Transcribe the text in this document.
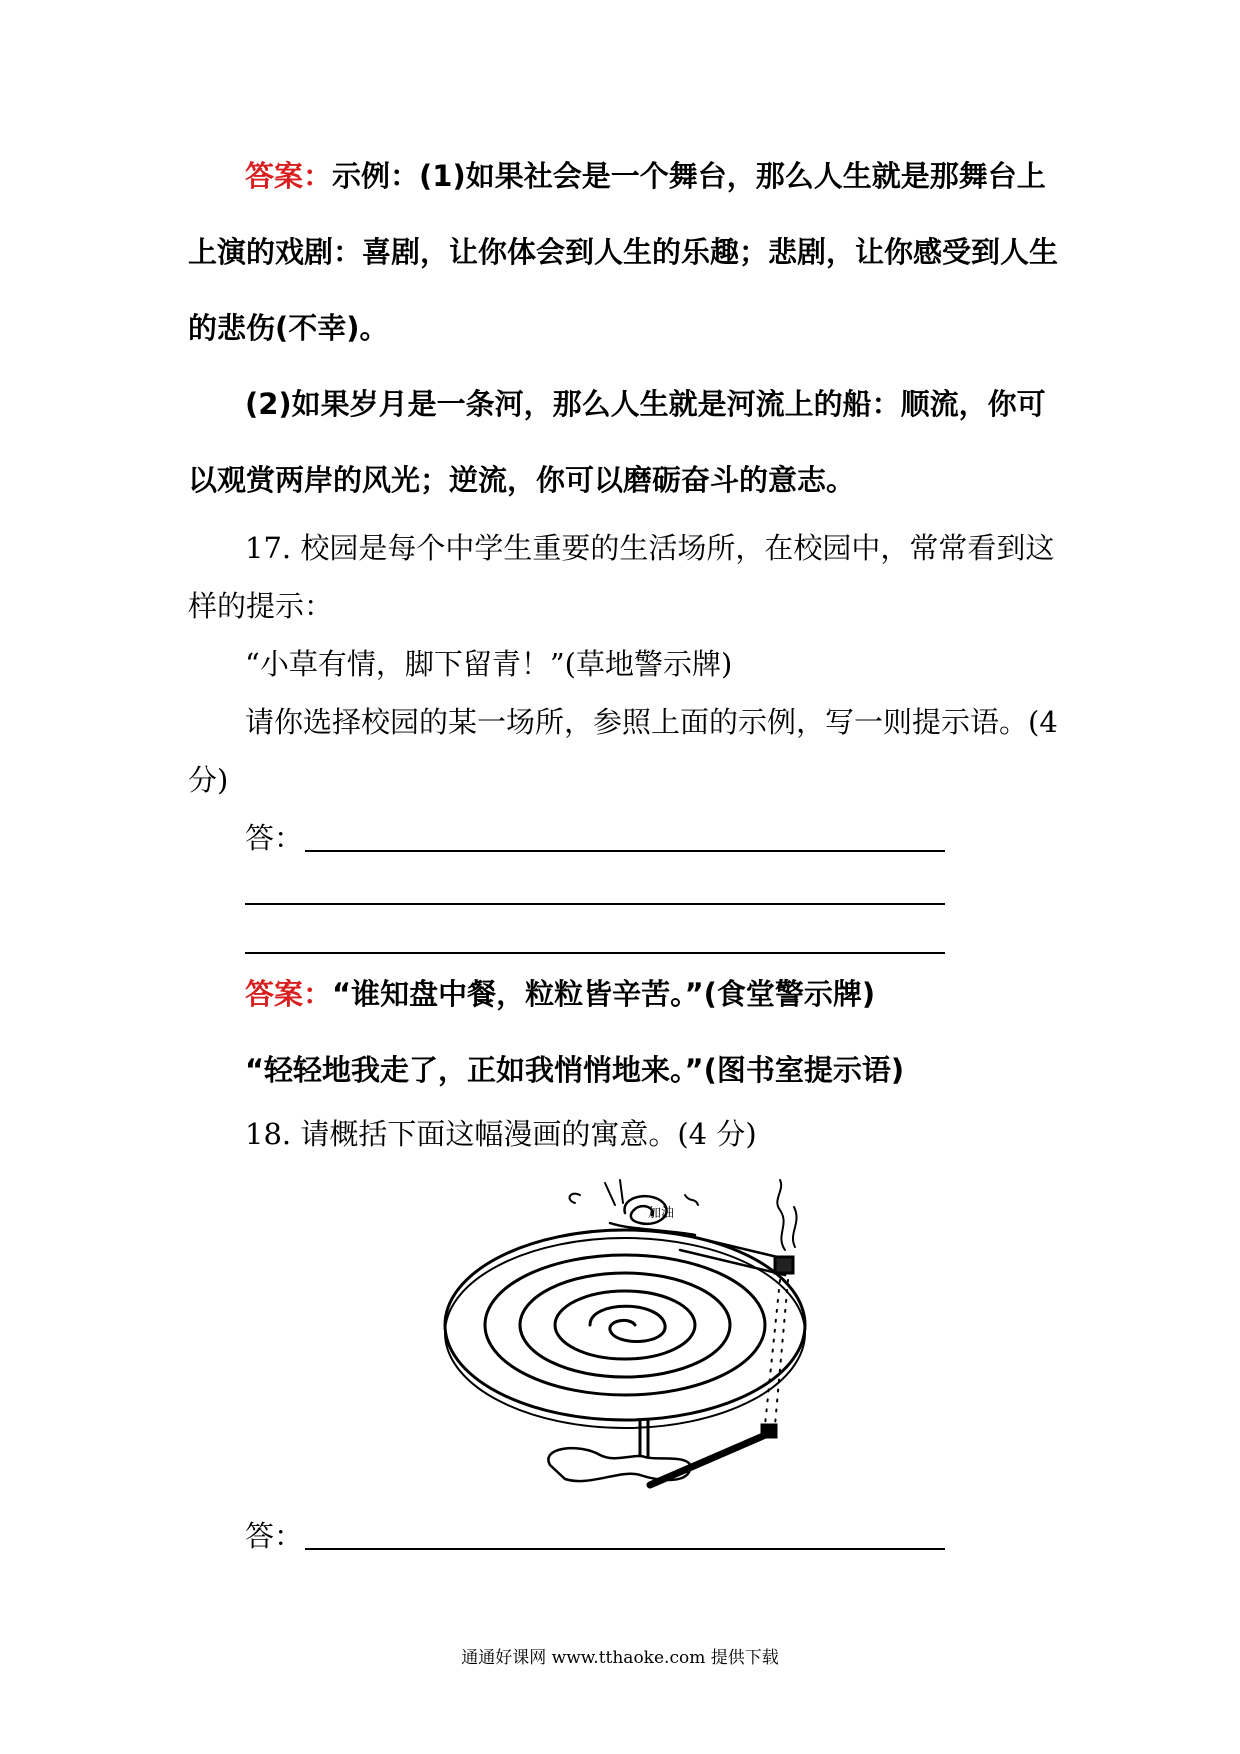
答案：示例：(1)如果社会是一个舞台，那么人生就是那舞台上
上演的戏剧：喜剧，让你体会到人生的乐趣；悲剧，让你感受到人生
的悲伤(不幸)。
(2)如果岁月是一条河，那么人生就是河流上的船：顺流，你可
以观赏两岸的风光；逆流，你可以磨砺奋斗的意志。
17. 校园是每个中学生重要的生活场所，在校园中，常常看到这
样的提示：
“小草有情，脚下留青！”(草地警示牌)
请你选择校园的某一场所，参照上面的示例，写一则提示语。(4
分)
答：
答案：“谁知盘中餐，粒粒皆辛苦。”(食堂警示牌)
“轻轻地我走了，正如我悄悄地来。”(图书室提示语)
18. 请概括下面这幅漫画的寓意。(4 分)
加油
答：
通通好课网 www.tthaoke.com 提供下载
